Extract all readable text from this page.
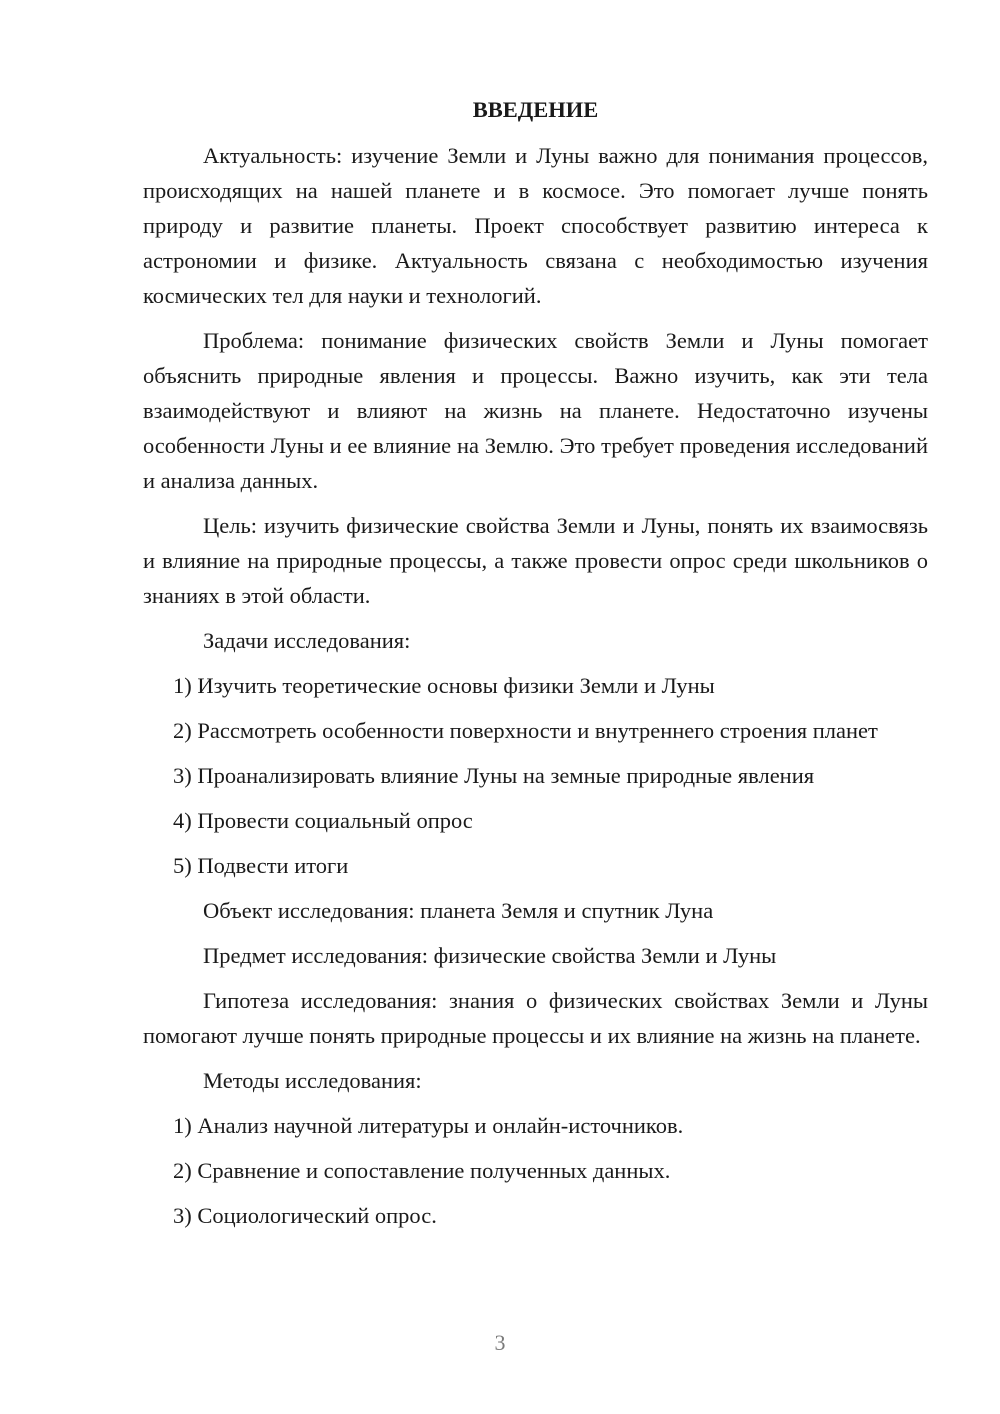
ВВЕДЕНИЕ

Актуальность: изучение Земли и Луны важно для понимания процессов, происходящих на нашей планете и в космосе. Это помогает лучше понять природу и развитие планеты. Проект способствует развитию интереса к астрономии и физике. Актуальность связана с необходимостью изучения космических тел для науки и технологий.

Проблема: понимание физических свойств Земли и Луны помогает объяснить природные явления и процессы. Важно изучить, как эти тела взаимодействуют и влияют на жизнь на планете. Недостаточно изучены особенности Луны и ее влияние на Землю. Это требует проведения исследований и анализа данных.

Цель: изучить физические свойства Земли и Луны, понять их взаимосвязь и влияние на природные процессы, а также провести опрос среди школьников о знаниях в этой области.

Задачи исследования:

1) Изучить теоретические основы физики Земли и Луны

2) Рассмотреть особенности поверхности и внутреннего строения планет

3) Проанализировать влияние Луны на земные природные явления

4) Провести социальный опрос

5) Подвести итоги

Объект исследования: планета Земля и спутник Луна

Предмет исследования: физические свойства Земли и Луны

Гипотеза исследования: знания о физических свойствах Земли и Луны помогают лучше понять природные процессы и их влияние на жизнь на планете.

Методы исследования:

1) Анализ научной литературы и онлайн-источников.

2) Сравнение и сопоставление полученных данных.

3) Социологический опрос.

3
